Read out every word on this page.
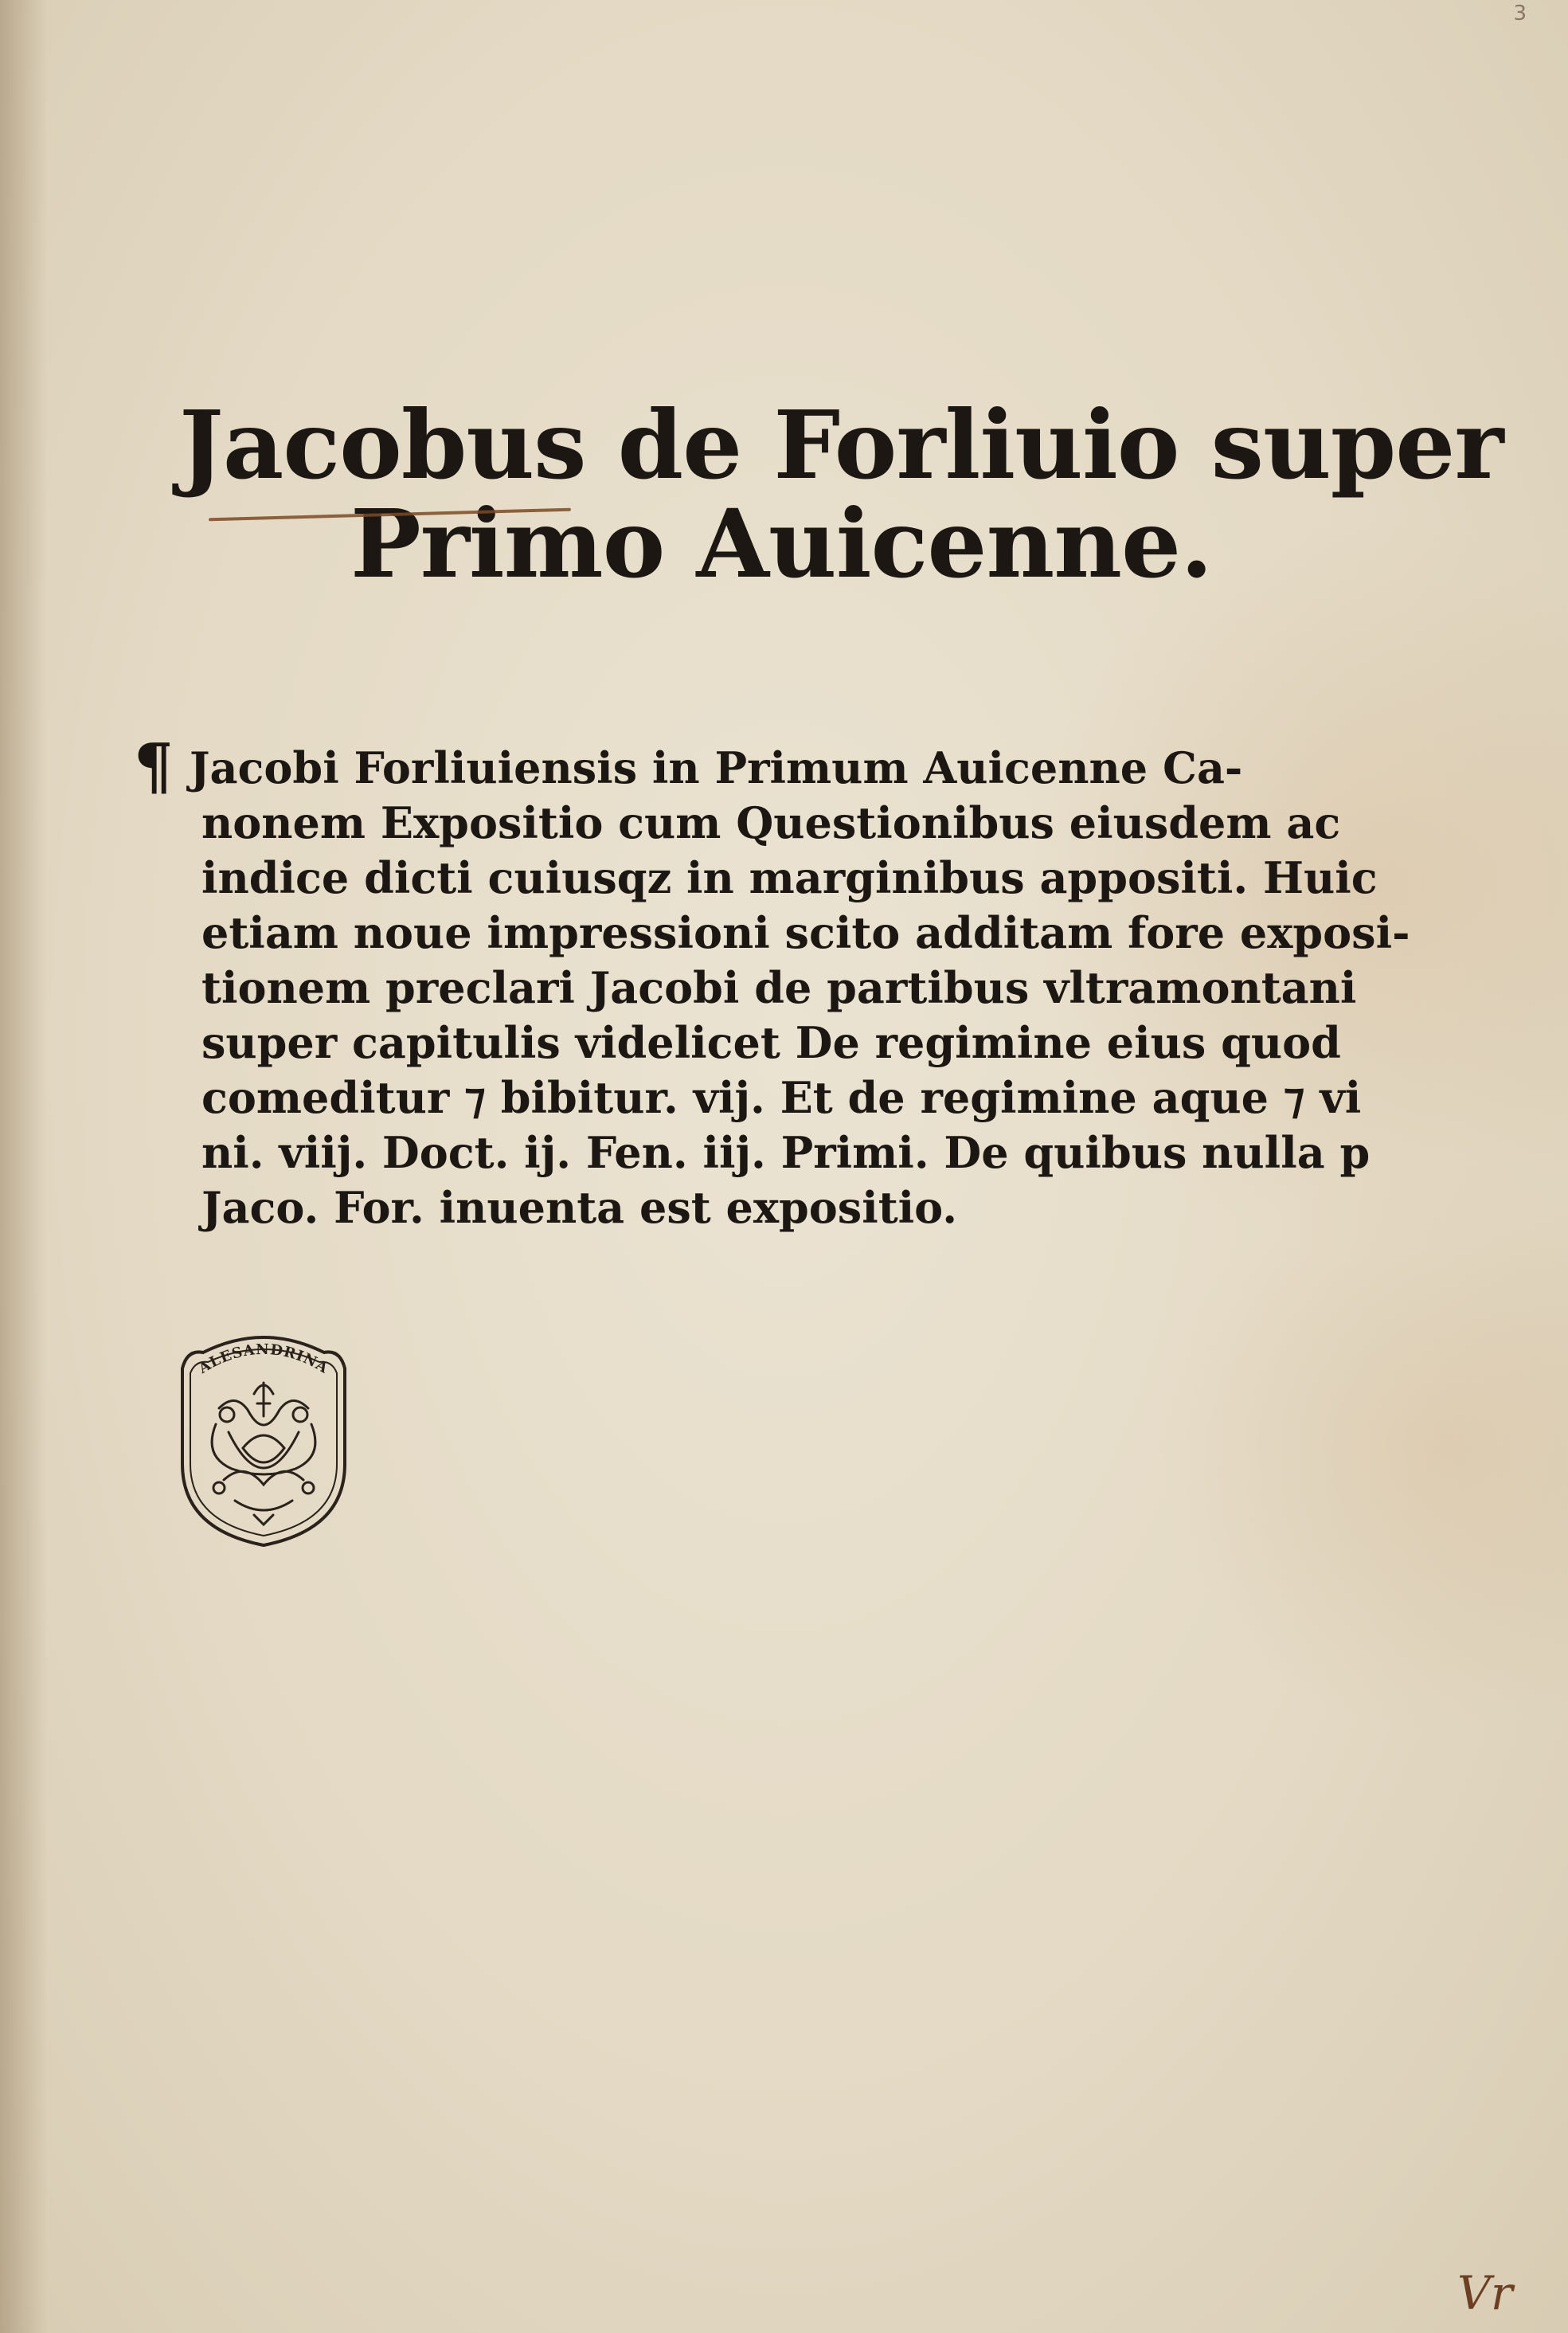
3
Jacobus de Forliuio super
Primo Auicenne.
¶ Jacobi Forliuiensis in Primum Auicenne Ca-
nonem Expositio cum Questionibus eiusdem ac
indice dicti cuiusqz in marginibus appositi. Huic
etiam noue impressioni scito additam fore exposi-
tionem preclari Jacobi de partibus vltramontani
super capitulis videlicet De regimine eius quod
comeditur ⁊ bibitur. vij. Et de regimine aque ⁊ vi
ni. viij. Doct. ij. Fen. iij. Primi. De quibus nulla p
Jaco. For. inuenta est expositio.
ALESANDRINA
Vr
